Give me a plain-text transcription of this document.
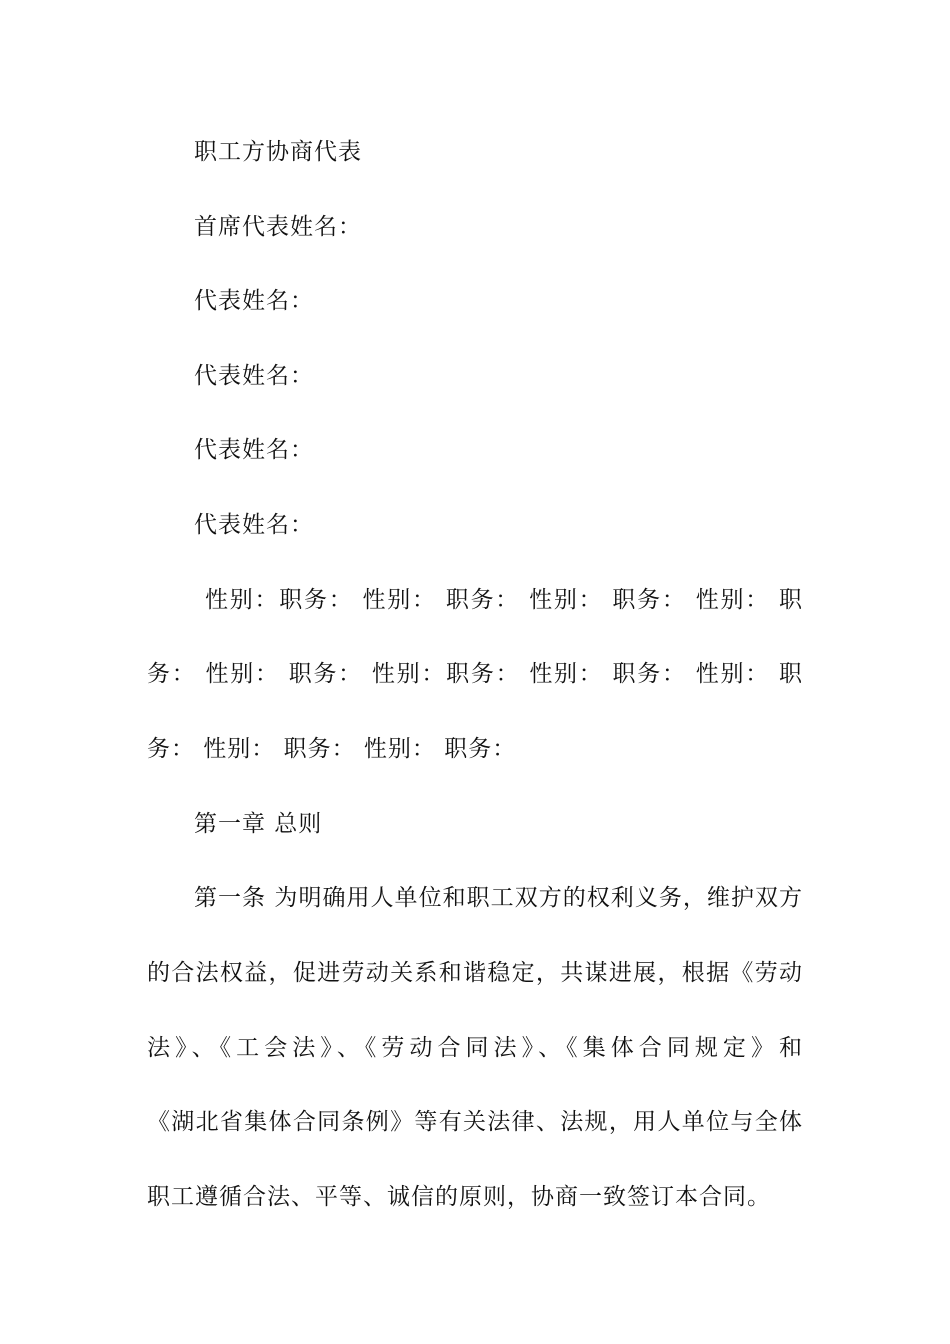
职工方协商代表
首席代表姓名：
代表姓名：
代表姓名：
代表姓名：
代表姓名：
性别：职务： 性别： 职务： 性别： 职务： 性别： 职
务： 性别： 职务： 性别：职务： 性别： 职务： 性别： 职
务： 性别： 职务： 性别： 职务：
第一章 总则
第一条 为明确用人单位和职工双方的权利义务，维护双方
的合法权益，促进劳动关系和谐稳定，共谋进展，根据《劳动
法》、《工会法》、《劳动合同法》、《集体合同规定》和
《湖北省集体合同条例》等有关法律、法规，用人单位与全体
职工遵循合法、平等、诚信的原则，协商一致签订本合同。
